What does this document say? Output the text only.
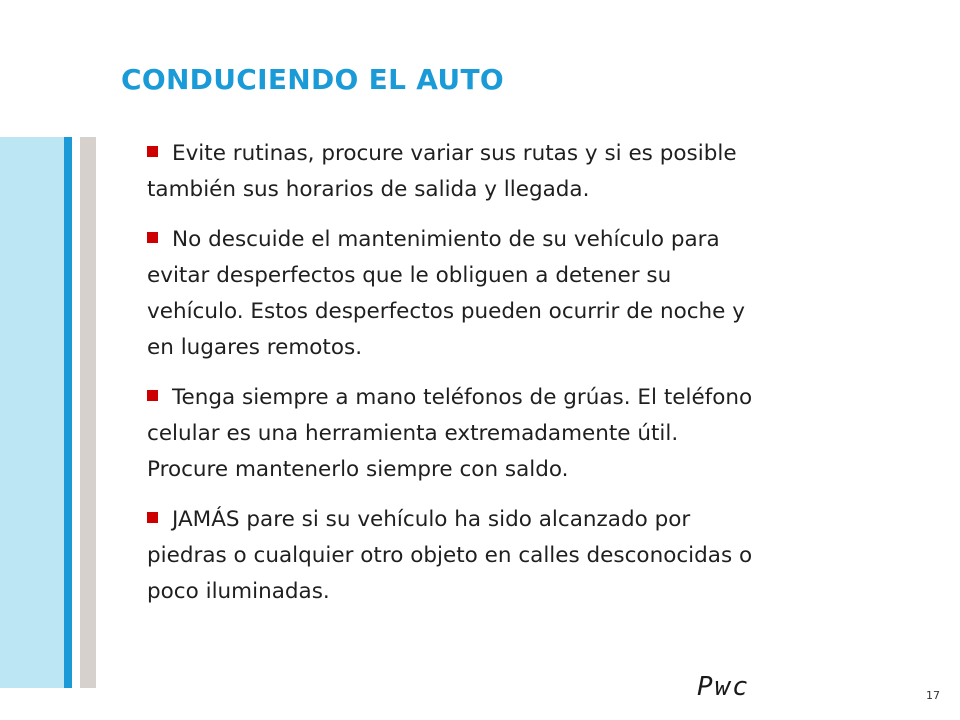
CONDUCIENDO EL AUTO
Evite rutinas, procure variar sus rutas y si es posible
también sus horarios de salida y llegada.
No descuide el mantenimiento de su vehículo para
evitar desperfectos que le obliguen a detener su
vehículo. Estos desperfectos pueden ocurrir de noche y
en lugares remotos.
Tenga siempre a mano teléfonos de grúas. El teléfono
celular es una herramienta extremadamente útil.
Procure mantenerlo siempre con saldo.
JAMÁS pare si su vehículo ha sido alcanzado por
piedras o cualquier otro objeto en calles desconocidas o
poco iluminadas.
Pwc	17
